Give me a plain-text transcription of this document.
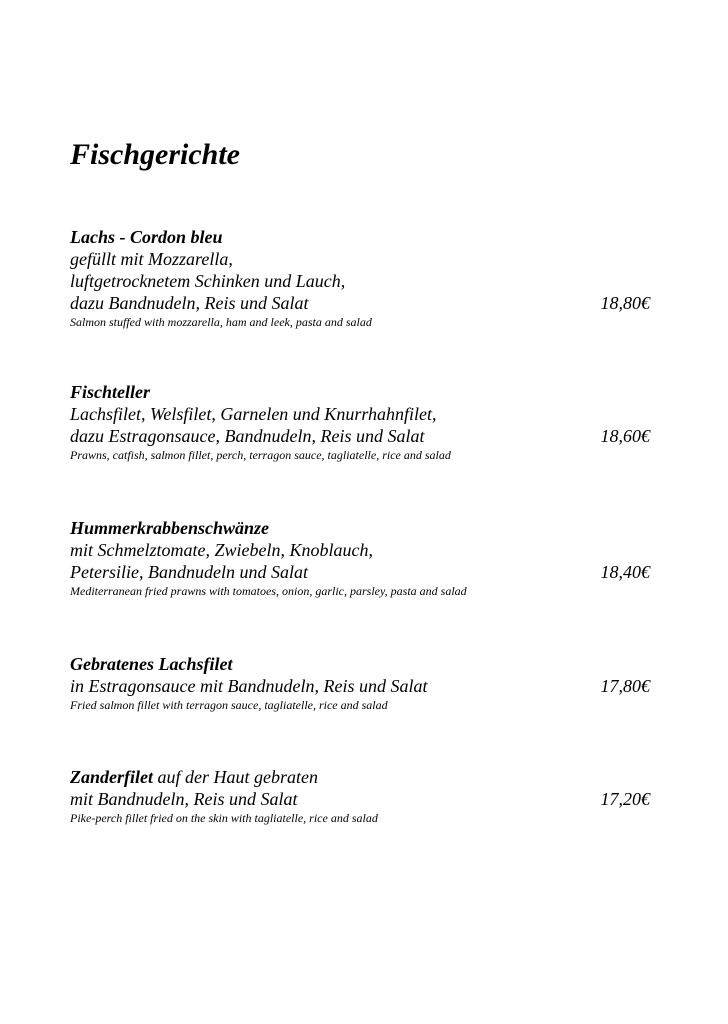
Fischgerichte
Lachs - Cordon bleu
gefüllt mit Mozzarella,
luftgetrocknetem Schinken und Lauch,
dazu Bandnudeln, Reis und Salat	18,80€
Salmon stuffed with mozzarella, ham and leek, pasta and salad
Fischteller
Lachsfilet, Welsfilet, Garnelen und Knurrhahnfilet,
dazu Estragonsauce, Bandnudeln, Reis und Salat	18,60€
Prawns, catfish, salmon fillet, perch, terragon sauce, tagliatelle, rice and salad
Hummerkrabbenschwänze
mit Schmelztomate, Zwiebeln, Knoblauch,
Petersilie, Bandnudeln und Salat	18,40€
Mediterranean fried prawns with tomatoes, onion, garlic, parsley, pasta and salad
Gebratenes Lachsfilet
in Estragonsauce mit Bandnudeln, Reis und Salat	17,80€
Fried salmon fillet with terragon sauce, tagliatelle, rice and salad
Zanderfilet auf der Haut gebraten
mit Bandnudeln, Reis und Salat	17,20€
Pike-perch fillet fried on the skin with tagliatelle, rice and salad
